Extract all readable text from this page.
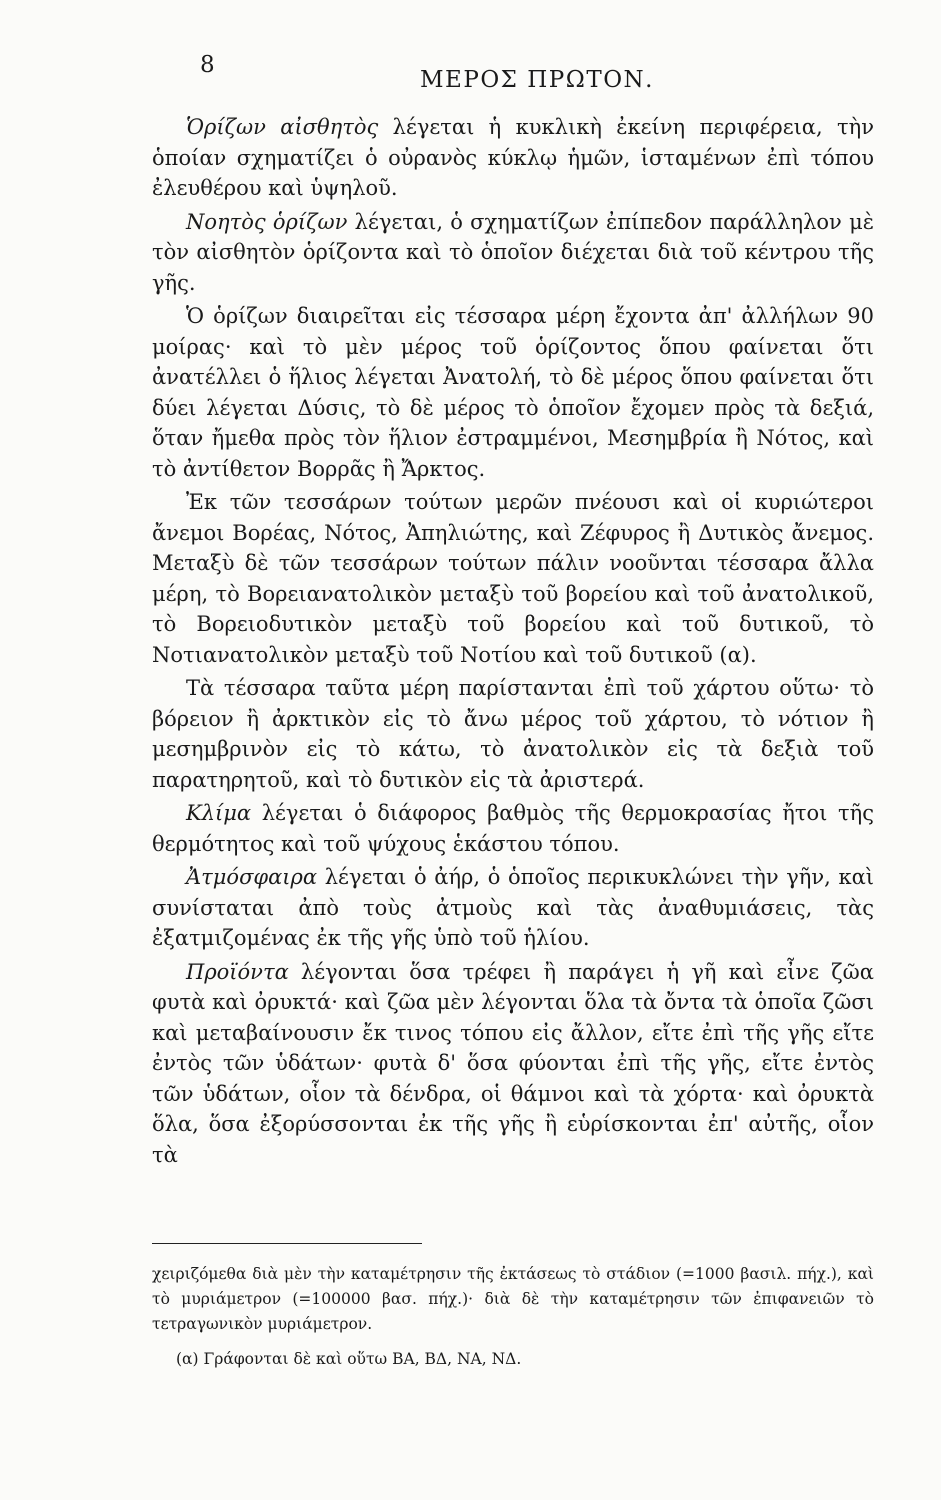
8
ΜΕΡΟΣ ΠΡΩΤΟΝ.

Ὁρίζων αἰσθητὸς λέγεται ἡ κυκλικὴ ἐκείνη περιφέρεια, τὴν ὁποίαν σχηματίζει ὁ οὐρανὸς κύκλῳ ἡμῶν, ἱσταμένων ἐπὶ τόπου ἐλευθέρου καὶ ὑψηλοῦ.

Νοητὸς ὁρίζων λέγεται, ὁ σχηματίζων ἐπίπεδον παράλληλον μὲ τὸν αἰσθητὸν ὁρίζοντα καὶ τὸ ὁποῖον διέχεται διὰ τοῦ κέντρου τῆς γῆς.

Ὁ ὁρίζων διαιρεῖται εἰς τέσσαρα μέρη ἔχοντα ἀπ' ἀλλήλων 90 μοίρας· καὶ τὸ μὲν μέρος τοῦ ὁρίζοντος ὅπου φαίνεται ὅτι ἀνατέλλει ὁ ἥλιος λέγεται Ἀνατολή, τὸ δὲ μέρος ὅπου φαίνεται ὅτι δύει λέγεται Δύσις, τὸ δὲ μέρος τὸ ὁποῖον ἔχομεν πρὸς τὰ δεξιά, ὅταν ἤμεθα πρὸς τὸν ἥλιον ἐστραμμένοι, Μεσημβρία ἢ Νότος, καὶ τὸ ἀντίθετον Βορρᾶς ἢ Ἄρκτος.

Ἐκ τῶν τεσσάρων τούτων μερῶν πνέουσι καὶ οἱ κυριώτεροι ἄνεμοι Βορέας, Νότος, Ἀπηλιώτης, καὶ Ζέφυρος ἢ Δυτικὸς ἄνεμος. Μεταξὺ δὲ τῶν τεσσάρων τούτων πάλιν νοοῦνται τέσσαρα ἄλλα μέρη, τὸ Βορειανατολικὸν μεταξὺ τοῦ βορείου καὶ τοῦ ἀνατολικοῦ, τὸ Βορειοδυτικὸν μεταξὺ τοῦ βορείου καὶ τοῦ δυτικοῦ, τὸ Νοτιανατολικὸν μεταξὺ τοῦ Νοτίου καὶ τοῦ δυτικοῦ (α).

Τὰ τέσσαρα ταῦτα μέρη παρίστανται ἐπὶ τοῦ χάρτου οὕτω· τὸ βόρειον ἢ ἀρκτικὸν εἰς τὸ ἄνω μέρος τοῦ χάρτου, τὸ νότιον ἢ μεσημβρινὸν εἰς τὸ κάτω, τὸ ἀνατολικὸν εἰς τὰ δεξιὰ τοῦ παρατηρητοῦ, καὶ τὸ δυτικὸν εἰς τὰ ἀριστερά.

Κλίμα λέγεται ὁ διάφορος βαθμὸς τῆς θερμοκρασίας ἤτοι τῆς θερμότητος καὶ τοῦ ψύχους ἑκάστου τόπου.

Ἀτμόσφαιρα λέγεται ὁ ἀήρ, ὁ ὁποῖος περικυκλώνει τὴν γῆν, καὶ συνίσταται ἀπὸ τοὺς ἀτμοὺς καὶ τὰς ἀναθυμιάσεις, τὰς ἐξατμιζομένας ἐκ τῆς γῆς ὑπὸ τοῦ ἡλίου.

Προϊόντα λέγονται ὅσα τρέφει ἢ παράγει ἡ γῆ καὶ εἶνε ζῶα φυτὰ καὶ ὀρυκτά· καὶ ζῶα μὲν λέγονται ὅλα τὰ ὄντα τὰ ὁποῖα ζῶσι καὶ μεταβαίνουσιν ἔκ τινος τόπου εἰς ἄλλον, εἴτε ἐπὶ τῆς γῆς εἴτε ἐντὸς τῶν ὑδάτων· φυτὰ δ' ὅσα φύονται ἐπὶ τῆς γῆς, εἴτε ἐντὸς τῶν ὑδάτων, οἷον τὰ δένδρα, οἱ θάμνοι καὶ τὰ χόρτα· καὶ ὀρυκτὰ ὅλα, ὅσα ἐξορύσσονται ἐκ τῆς γῆς ἢ εὑρίσκονται ἐπ' αὐτῆς, οἷον τὰ

χειριζόμεθα διὰ μὲν τὴν καταμέτρησιν τῆς ἐκτάσεως τὸ στάδιον (=1000 βασιλ. πήχ.), καὶ τὸ μυριάμετρον (=100000 βασ. πήχ.)· διὰ δὲ τὴν καταμέτρησιν τῶν ἐπιφανειῶν τὸ τετραγωνικὸν μυριάμετρον.

(α) Γράφονται δὲ καὶ οὕτω ΒΑ, ΒΔ, ΝΑ, ΝΔ.
